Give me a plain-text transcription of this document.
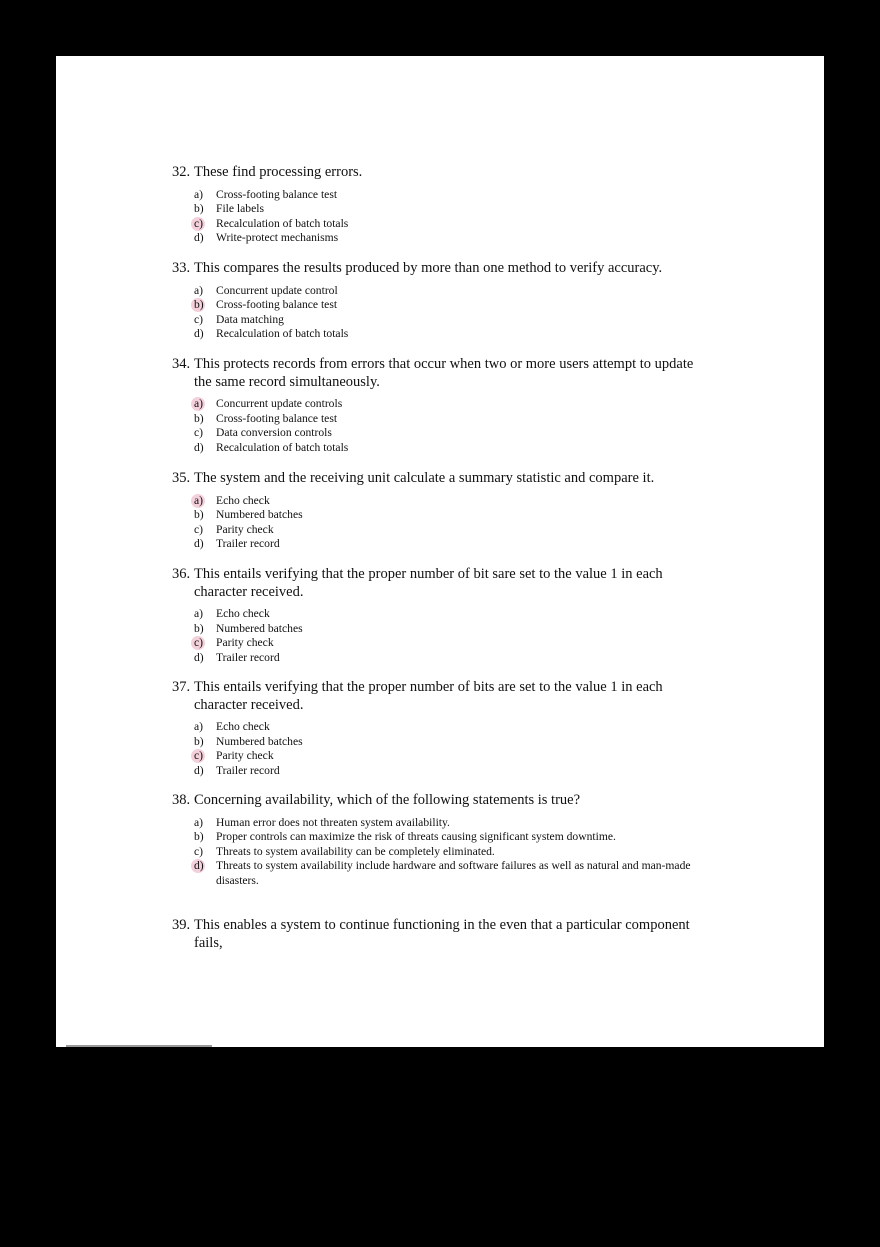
32. These find processing errors.
a) Cross-footing balance test
b) File labels
c) Recalculation of batch totals
d) Write-protect mechanisms
33. This compares the results produced by more than one method to verify accuracy.
a) Concurrent update control
b) Cross-footing balance test
c) Data matching
d) Recalculation of batch totals
34. This protects records from errors that occur when two or more users attempt to update the same record simultaneously.
a) Concurrent update controls
b) Cross-footing balance test
c) Data conversion controls
d) Recalculation of batch totals
35. The system and the receiving unit calculate a summary statistic and compare it.
a) Echo check
b) Numbered batches
c) Parity check
d) Trailer record
36. This entails verifying that the proper number of bit sare set to the value 1 in each character received.
a) Echo check
b) Numbered batches
c) Parity check
d) Trailer record
37. This entails verifying that the proper number of bits are set to the value 1 in each character received.
a) Echo check
b) Numbered batches
c) Parity check
d) Trailer record
38. Concerning availability, which of the following statements is true?
a) Human error does not threaten system availability.
b) Proper controls can maximize the risk of threats causing significant system downtime.
c) Threats to system availability can be completely eliminated.
d) Threats to system availability include hardware and software failures as well as natural and man-made disasters.
39. This enables a system to continue functioning in the even that a particular component fails,
